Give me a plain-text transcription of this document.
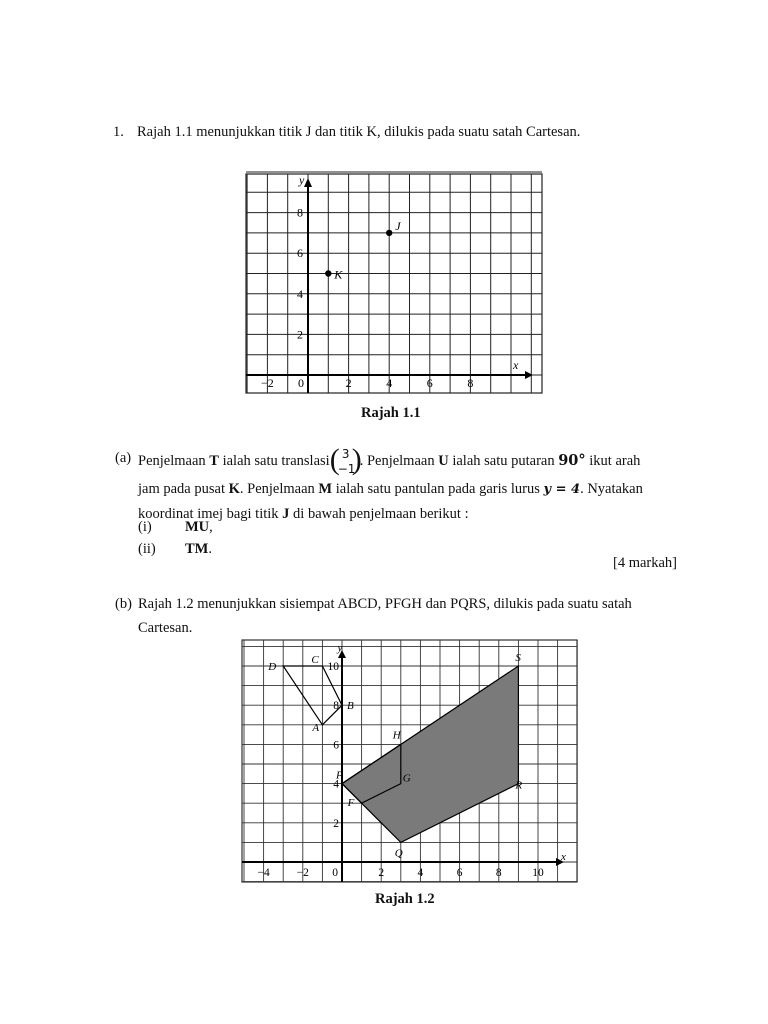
1. Rajah 1.1 menunjukkan titik J dan titik K, dilukis pada suatu satah Cartesan.
x
y
−2 0	2	4	6	8
2
4
6
8
J
K
Rajah 1.1
(a) Penjelmaan T ialah satu translasi ( 3
−1
)
. Penjelmaan U ialah satu putaran 90° ikut arah
jam pada pusat K. Penjelmaan M ialah satu pantulan pada garis lurus y = 4. Nyatakan
koordinat imej bagi titik J di bawah penjelmaan berikut :
(i) MU,
(ii) TM.
[4 markah]
(b) Rajah 1.2 menunjukkan sisiempat ABCD, PFGH dan PQRS, dilukis pada suatu satah
Cartesan.
x
y
−4 −2 0	2	4	6	8	10
2
4
6
8
10
A
B
C
D
P
Q
R
S
F
G
H
Rajah 1.2
